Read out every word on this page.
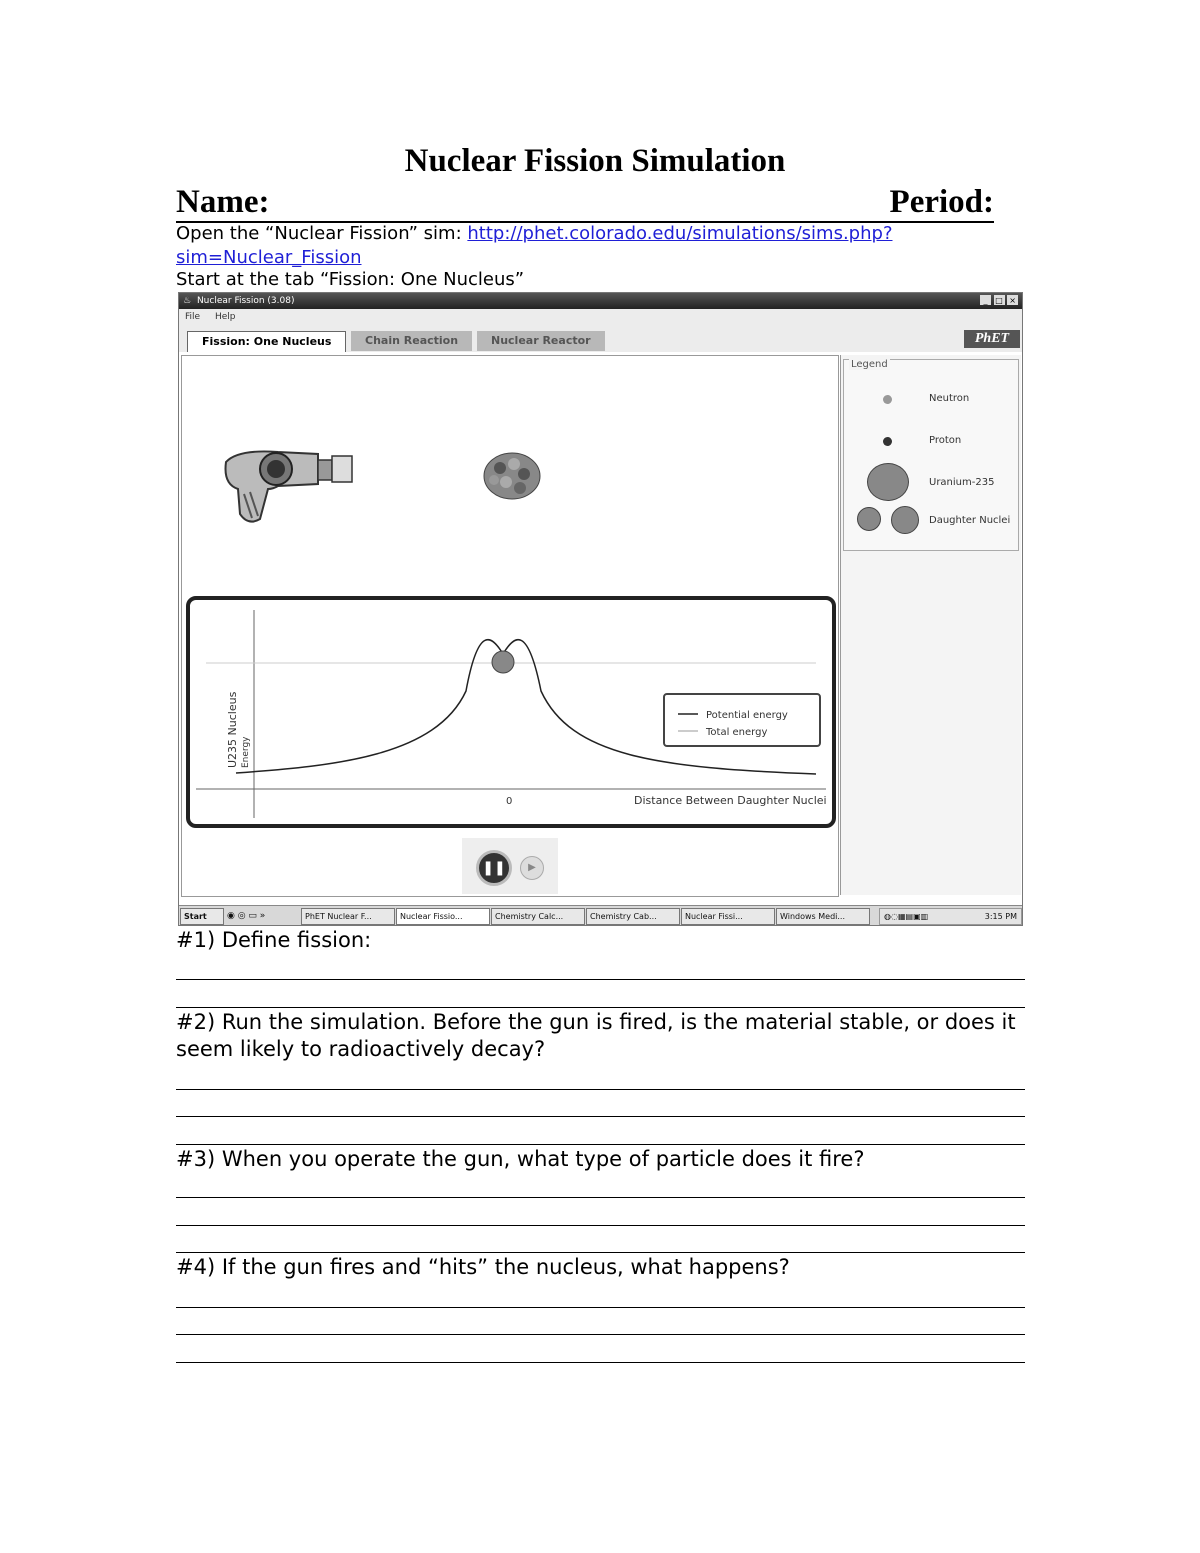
Nuclear Fission Simulation
Name:	Period:
Open the “Nuclear Fission” sim: http://phet.colorado.edu/simulations/sims.php?
sim=Nuclear_Fission
Start at the tab “Fission: One Nucleus”
♨ Nuclear Fission (3.08)	_ □ ×
File Help
Fission: One Nucleus	Chain Reaction	Nuclear Reactor	PhET
U235 Nucleus Energy
0	Distance Between Daughter Nuclei
Potential energy
Total energy
❚❚	▶
Legend
Neutron
Proton
Uranium-235
Daughter Nuclei
Start	◉ ◎ ▭ »	PhET Nuclear F...	Nuclear Fissio...	Chemistry Calc...	Chemistry Cab...	Nuclear Fissi...	Windows Medi...	◍◌▦▤▣▥	3:15 PM
#1) Define fission:
#2) Run the simulation. Before the gun is fired, is the material stable, or does it seem likely to radioactively decay?
#3) When you operate the gun, what type of particle does it fire?
#4) If the gun fires and “hits” the nucleus, what happens?
